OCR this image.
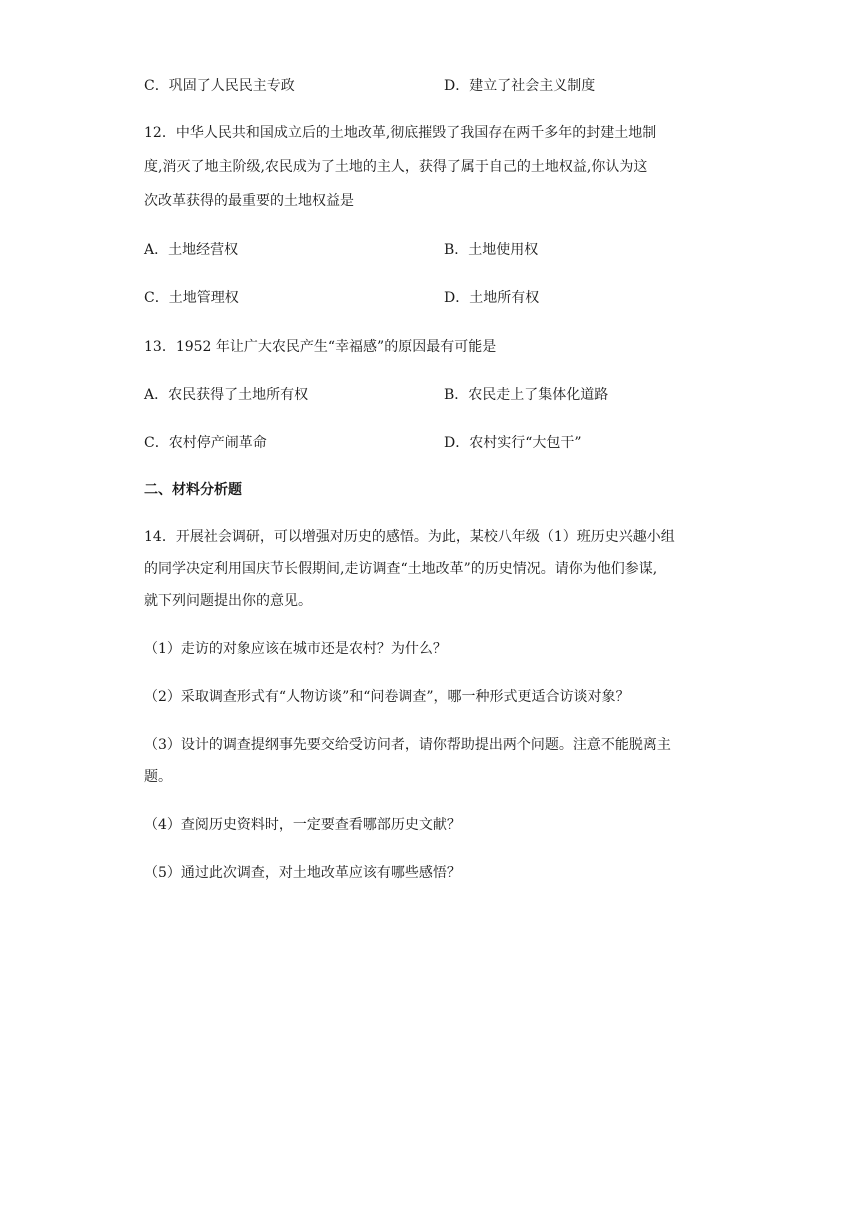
C．巩固了人民民主专政	D．建立了社会主义制度
12．中华人民共和国成立后的土地改革,彻底摧毁了我国存在两千多年的封建土地制
度,消灭了地主阶级,农民成为了土地的主人，获得了属于自己的土地权益,你认为这
次改革获得的最重要的土地权益是
A．土地经营权	B．土地使用权
C．土地管理权	D．土地所有权
13．1952 年让广大农民产生“幸福感”的原因最有可能是
A．农民获得了土地所有权	B．农民走上了集体化道路
C．农村停产闹革命	D．农村实行“大包干”
二、材料分析题
14．开展社会调研，可以增强对历史的感悟。为此，某校八年级（1）班历史兴趣小组
的同学决定利用国庆节长假期间,走访调查“土地改革”的历史情况。请你为他们参谋,
就下列问题提出你的意见。
（1）走访的对象应该在城市还是农村？为什么？
（2）采取调查形式有“人物访谈”和“问卷调查”，哪一种形式更适合访谈对象？
（3）设计的调查提纲事先要交给受访问者，请你帮助提出两个问题。注意不能脱离主
题。
（4）查阅历史资料时，一定要查看哪部历史文献？
（5）通过此次调查，对土地改革应该有哪些感悟？
